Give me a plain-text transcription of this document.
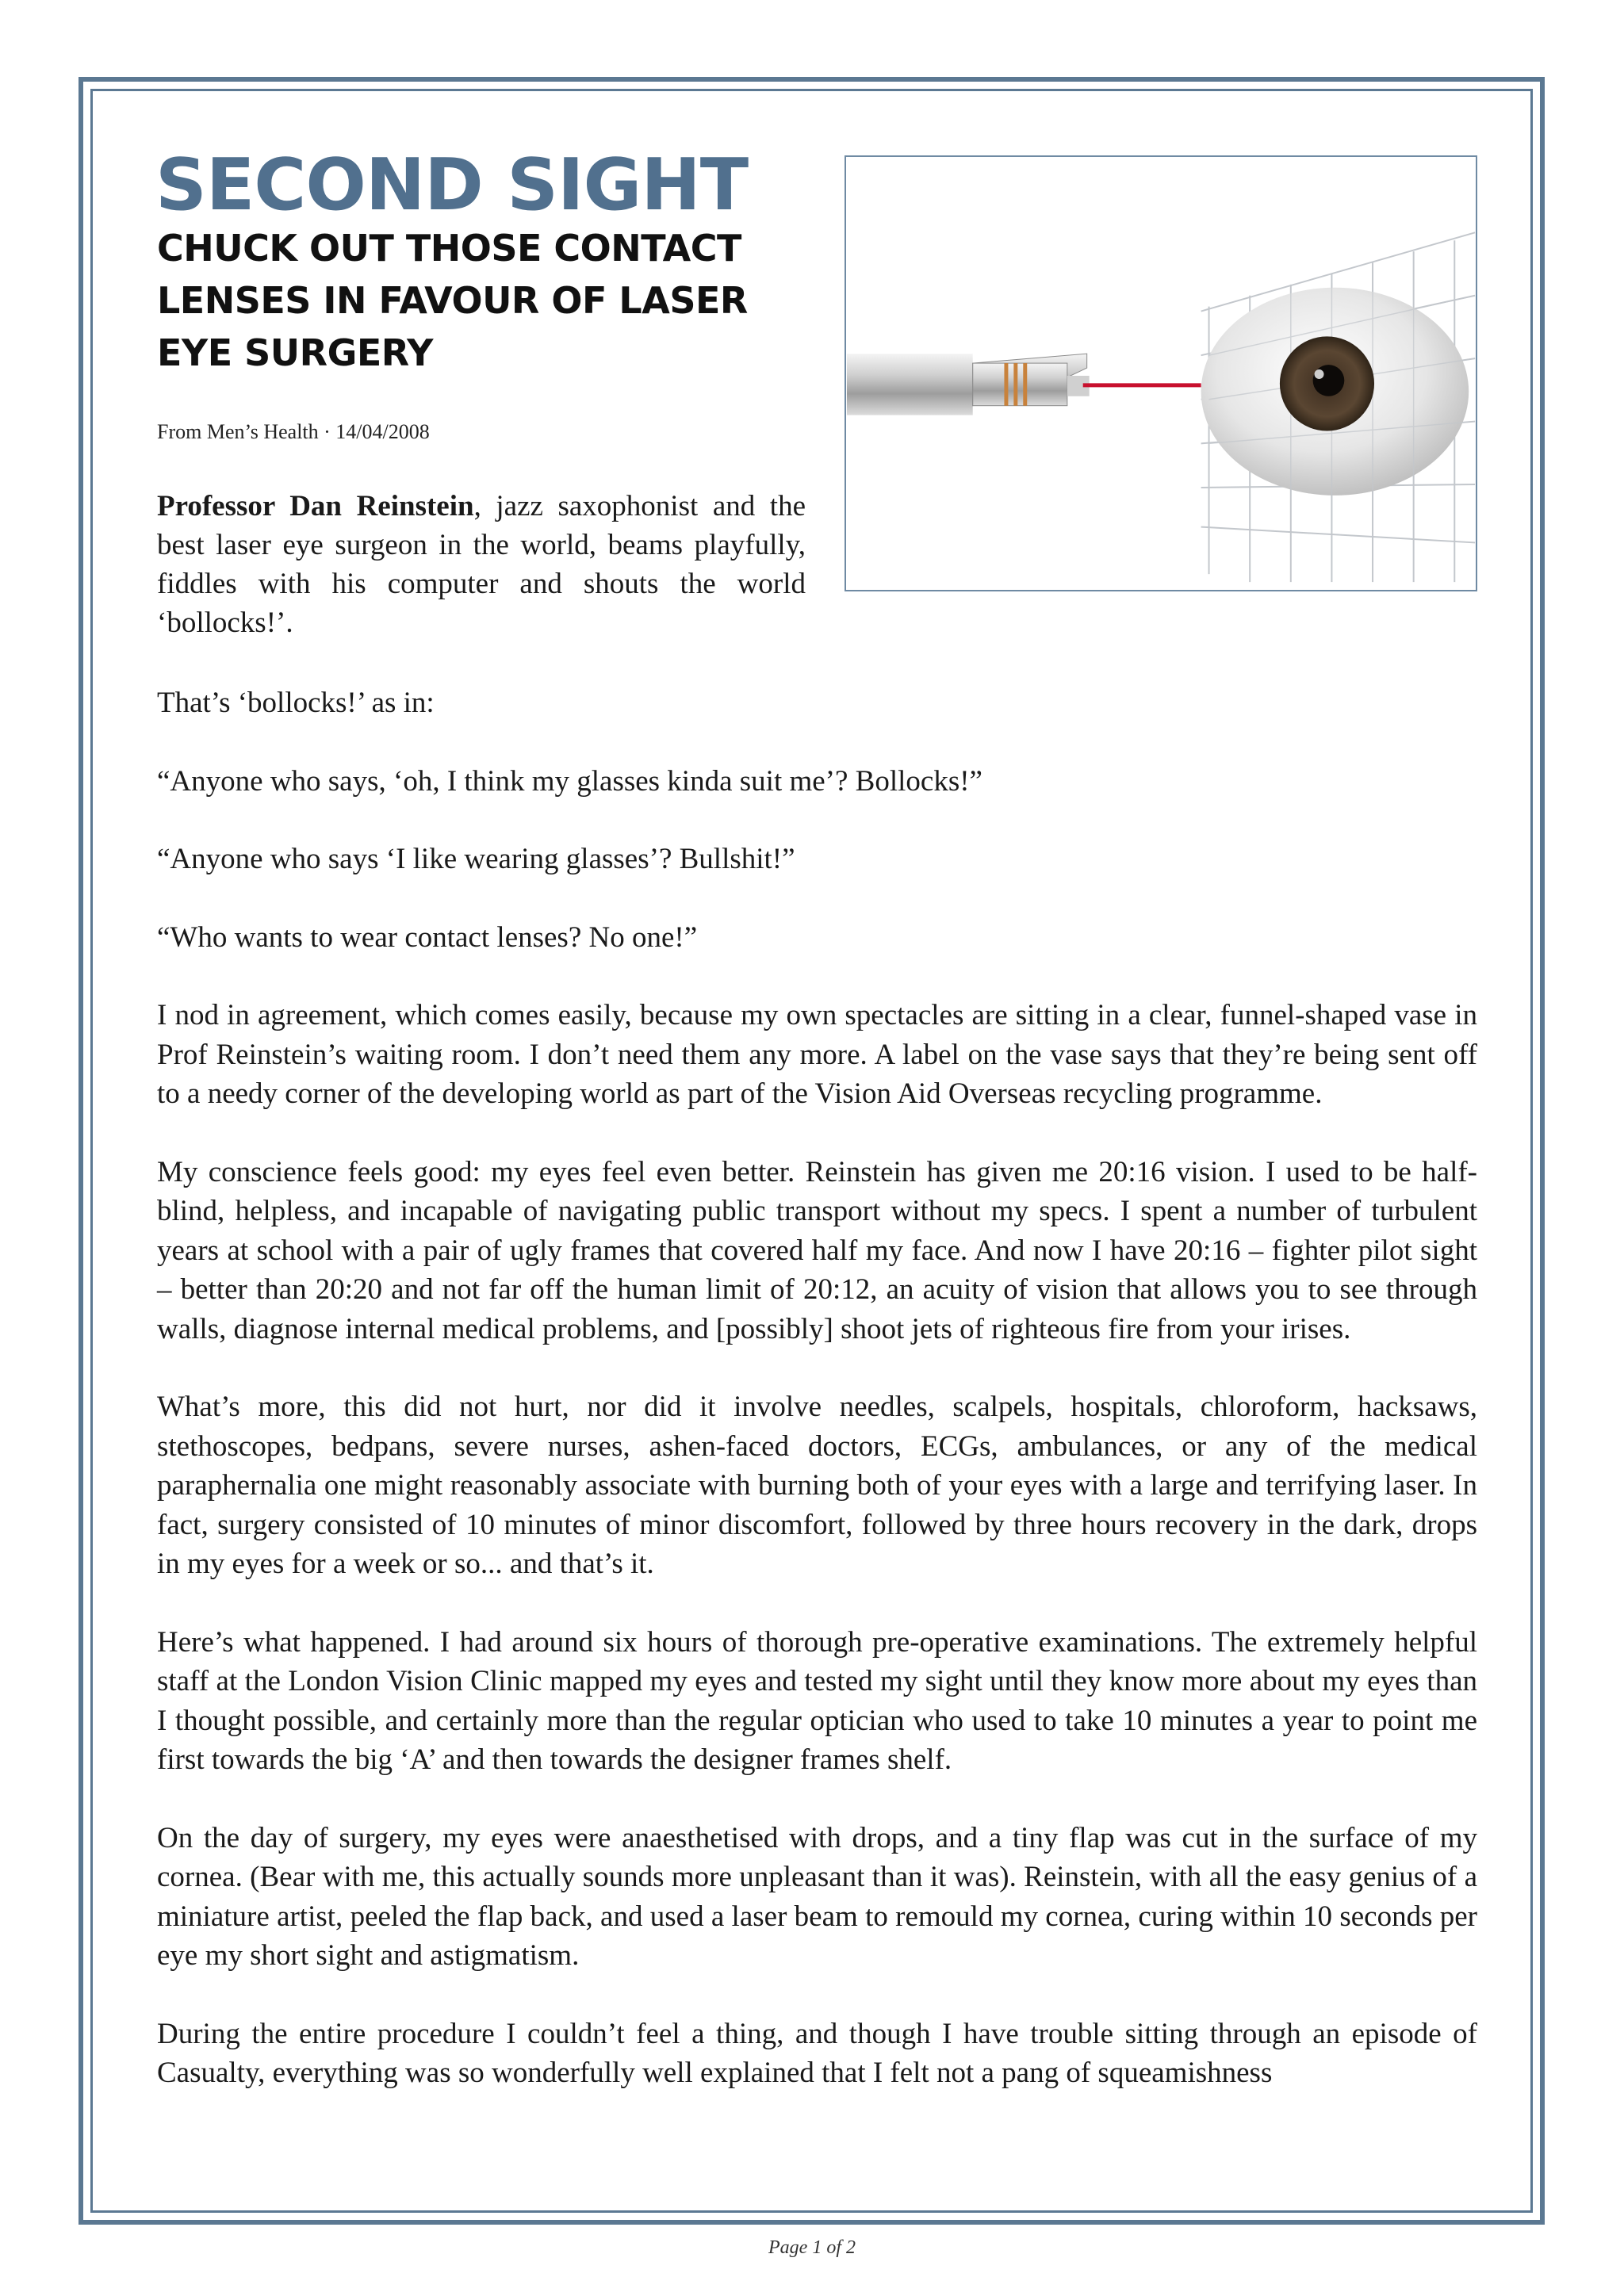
SECOND SIGHT
CHUCK OUT THOSE CONTACT LENSES IN FAVOUR OF LASER EYE SURGERY
From Men’s Health · 14/04/2008

Professor Dan Reinstein, jazz saxophonist and the best laser eye surgeon in the world, beams playfully, fiddles with his computer and shouts the world ‘bollocks!’.

That’s ‘bollocks!’ as in:

“Anyone who says, ‘oh, I think my glasses kinda suit me’? Bollocks!”

“Anyone who says ‘I like wearing glasses’? Bullshit!”

“Who wants to wear contact lenses? No one!”

I nod in agreement, which comes easily, because my own spectacles are sitting in a clear, funnel-shaped vase in Prof Reinstein’s waiting room. I don’t need them any more. A label on the vase says that they’re being sent off to a needy corner of the developing world as part of the Vision Aid Overseas recycling programme.

My conscience feels good: my eyes feel even better. Reinstein has given me 20:16 vision. I used to be half-blind, helpless, and incapable of navigating public transport without my specs. I spent a number of turbulent years at school with a pair of ugly frames that covered half my face. And now I have 20:16 – fighter pilot sight – better than 20:20 and not far off the human limit of 20:12, an acuity of vision that allows you to see through walls, diagnose internal medical problems, and [possibly] shoot jets of righteous fire from your irises.

What’s more, this did not hurt, nor did it involve needles, scalpels, hospitals, chloroform, hacksaws, stethoscopes, bedpans, severe nurses, ashen-faced doctors, ECGs, ambulances, or any of the medical paraphernalia one might reasonably associate with burning both of your eyes with a large and terrifying laser. In fact, surgery consisted of 10 minutes of minor discomfort, followed by three hours recovery in the dark, drops in my eyes for a week or so... and that’s it.

Here’s what happened. I had around six hours of thorough pre-operative examinations. The extremely helpful staff at the London Vision Clinic mapped my eyes and tested my sight until they know more about my eyes than I thought possible, and certainly more than the regular optician who used to take 10 minutes a year to point me first towards the big ‘A’ and then towards the designer frames shelf.

On the day of surgery, my eyes were anaesthetised with drops, and a tiny flap was cut in the surface of my cornea. (Bear with me, this actually sounds more unpleasant than it was). Reinstein, with all the easy genius of a miniature artist, peeled the flap back, and used a laser beam to remould my cornea, curing within 10 seconds per eye my short sight and astigmatism.

During the entire procedure I couldn’t feel a thing, and though I have trouble sitting through an episode of Casualty, everything was so wonderfully well explained that I felt not a pang of squeamishness

Page 1 of 2
